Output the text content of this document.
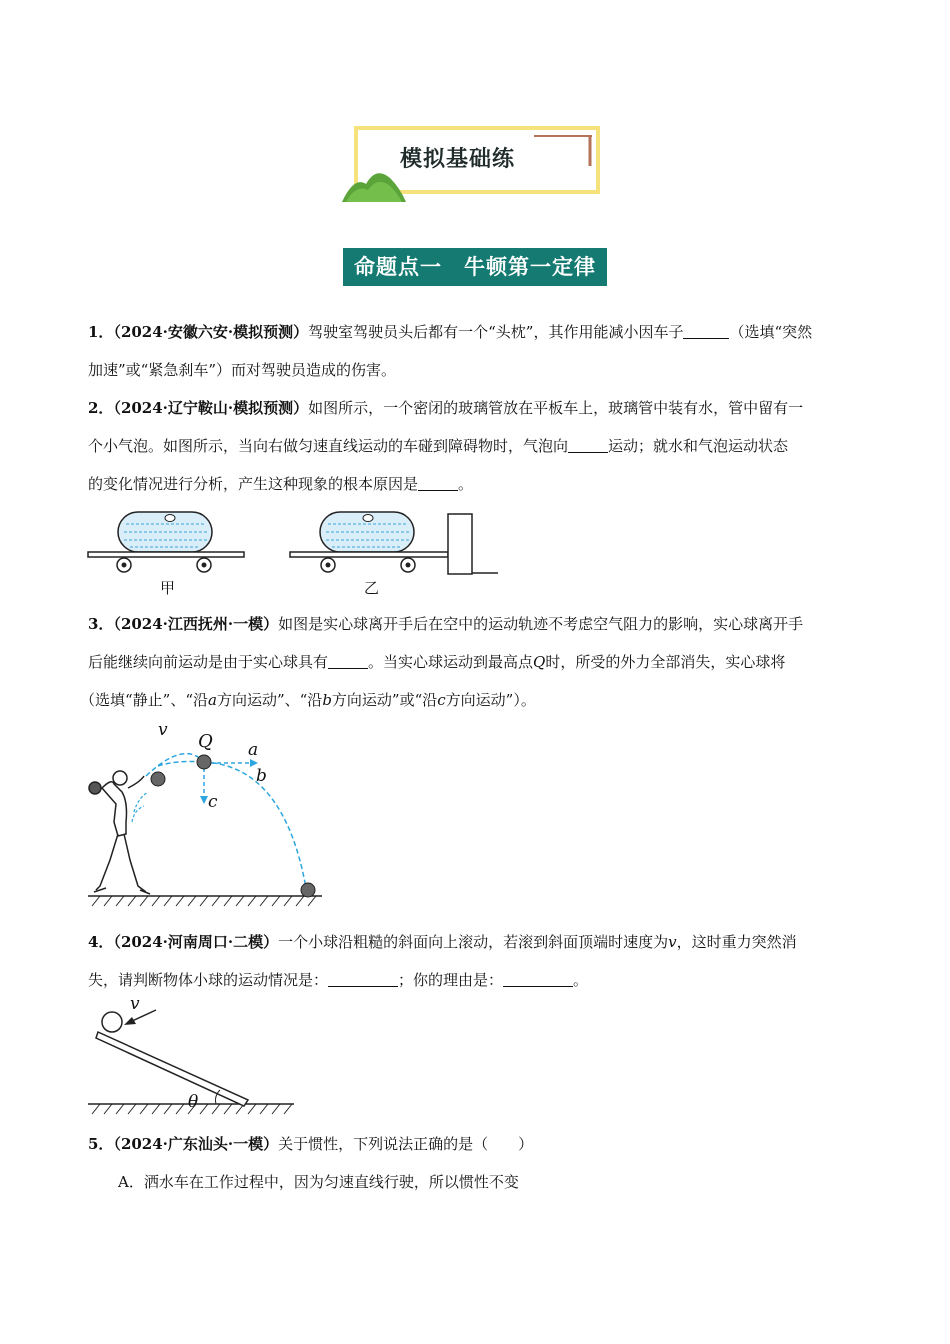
模拟基础练
命题点一 牛顿第一定律
1．（2024·安徽六安·模拟预测）驾驶室驾驶员头后都有一个“头枕”，其作用能减小因车子	（选填“突然
加速”或“紧急刹车”）而对驾驶员造成的伤害。
2．（2024·辽宁鞍山·模拟预测）如图所示，一个密闭的玻璃管放在平板车上，玻璃管中装有水，管中留有一
个小气泡。如图所示，当向右做匀速直线运动的车碰到障碍物时，气泡向	运动；就水和气泡运动状态
的变化情况进行分析，产生这种现象的根本原因是	。
甲	乙
3．（2024·江西抚州·一模）如图是实心球离开手后在空中的运动轨迹不考虑空气阻力的影响，实心球离开手
后能继续向前运动是由于实心球具有	。当实心球运动到最高点Q时，所受的外力全部消失，实心球将
（选填“静止”、“沿a方向运动”、“沿b方向运动”或“沿c方向运动”）。
v
Q a
b
c
4．（2024·河南周口·二模）一个小球沿粗糙的斜面向上滚动，若滚到斜面顶端时速度为v，这时重力突然消
失，请判断物体小球的运动情况是：	；你的理由是：	。
v
θ
5．（2024·广东汕头·一模）关于惯性，下列说法正确的是（　　）
A．洒水车在工作过程中，因为匀速直线行驶，所以惯性不变
